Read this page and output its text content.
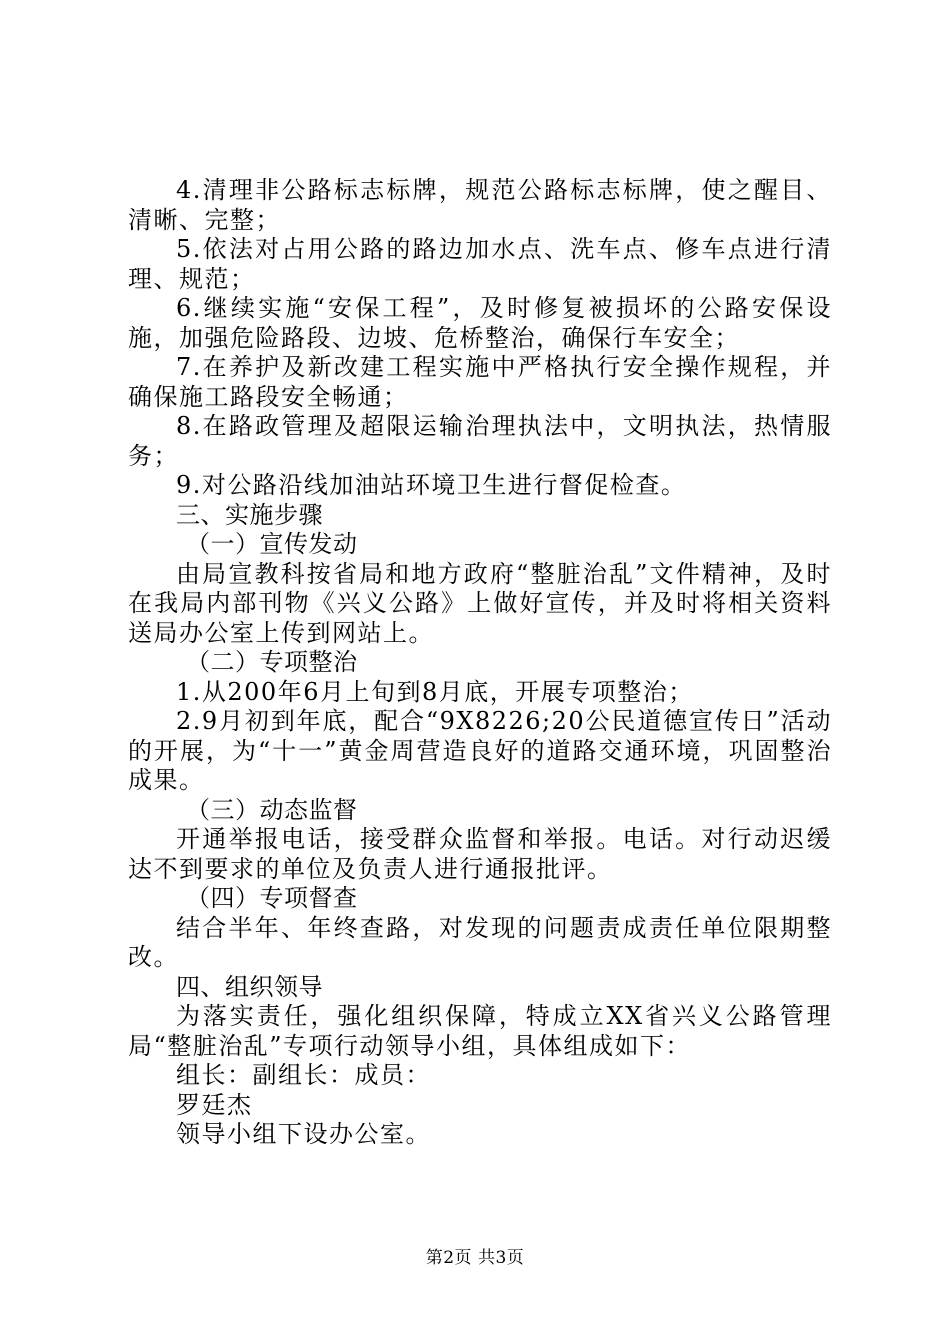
4.清理非公路标志标牌，规范公路标志标牌，使之醒目、清晰、完整；

5.依法对占用公路的路边加水点、洗车点、修车点进行清理、规范；

6.继续实施“安保工程”，及时修复被损坏的公路安保设施，加强危险路段、边坡、危桥整治，确保行车安全；

7.在养护及新改建工程实施中严格执行安全操作规程，并确保施工路段安全畅通；

8.在路政管理及超限运输治理执法中，文明执法，热情服务；

9.对公路沿线加油站环境卫生进行督促检查。

三、实施步骤

（一）宣传发动

由局宣教科按省局和地方政府“整脏治乱”文件精神，及时在我局内部刊物《兴义公路》上做好宣传，并及时将相关资料送局办公室上传到网站上。

（二）专项整治

1.从200年6月上旬到8月底，开展专项整治；

2.9月初到年底，配合“9X8226;20公民道德宣传日”活动的开展，为“十一”黄金周营造良好的道路交通环境，巩固整治成果。

（三）动态监督

开通举报电话，接受群众监督和举报。电话。对行动迟缓达不到要求的单位及负责人进行通报批评。

（四）专项督查

结合半年、年终查路，对发现的问题责成责任单位限期整改。

四、组织领导

为落实责任，强化组织保障，特成立XX省兴义公路管理局“整脏治乱”专项行动领导小组，具体组成如下：

组长：副组长：成员：

罗廷杰

领导小组下设办公室。

第2页 共3页
